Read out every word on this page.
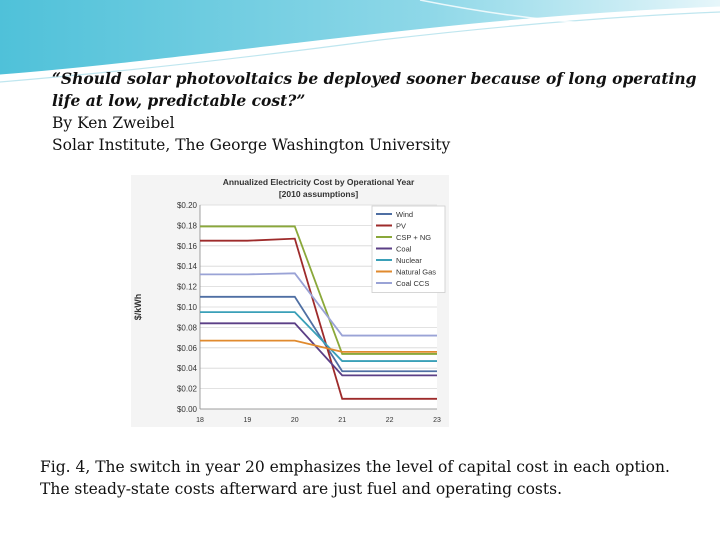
“Should solar photovoltaics be deployed sooner because of long operating
life at low, predictable cost?”
By Ken Zweibel
Solar Institute, The George Washington University
Annualized Electricity Cost by Operational Year
[2010 assumptions]
$0.00
$0.02
$0.04
$0.06
$0.08
$0.10
$0.12
$0.14
$0.16
$0.18
$0.20
18	19	20	21	22	23
$/kWh
Wind
PV
CSP + NG
Coal
Nuclear
Natural Gas
Coal CCS
Fig. 4, The switch in year 20 emphasizes the level of capital cost in each option.
The steady-state costs afterward are just fuel and operating costs.
